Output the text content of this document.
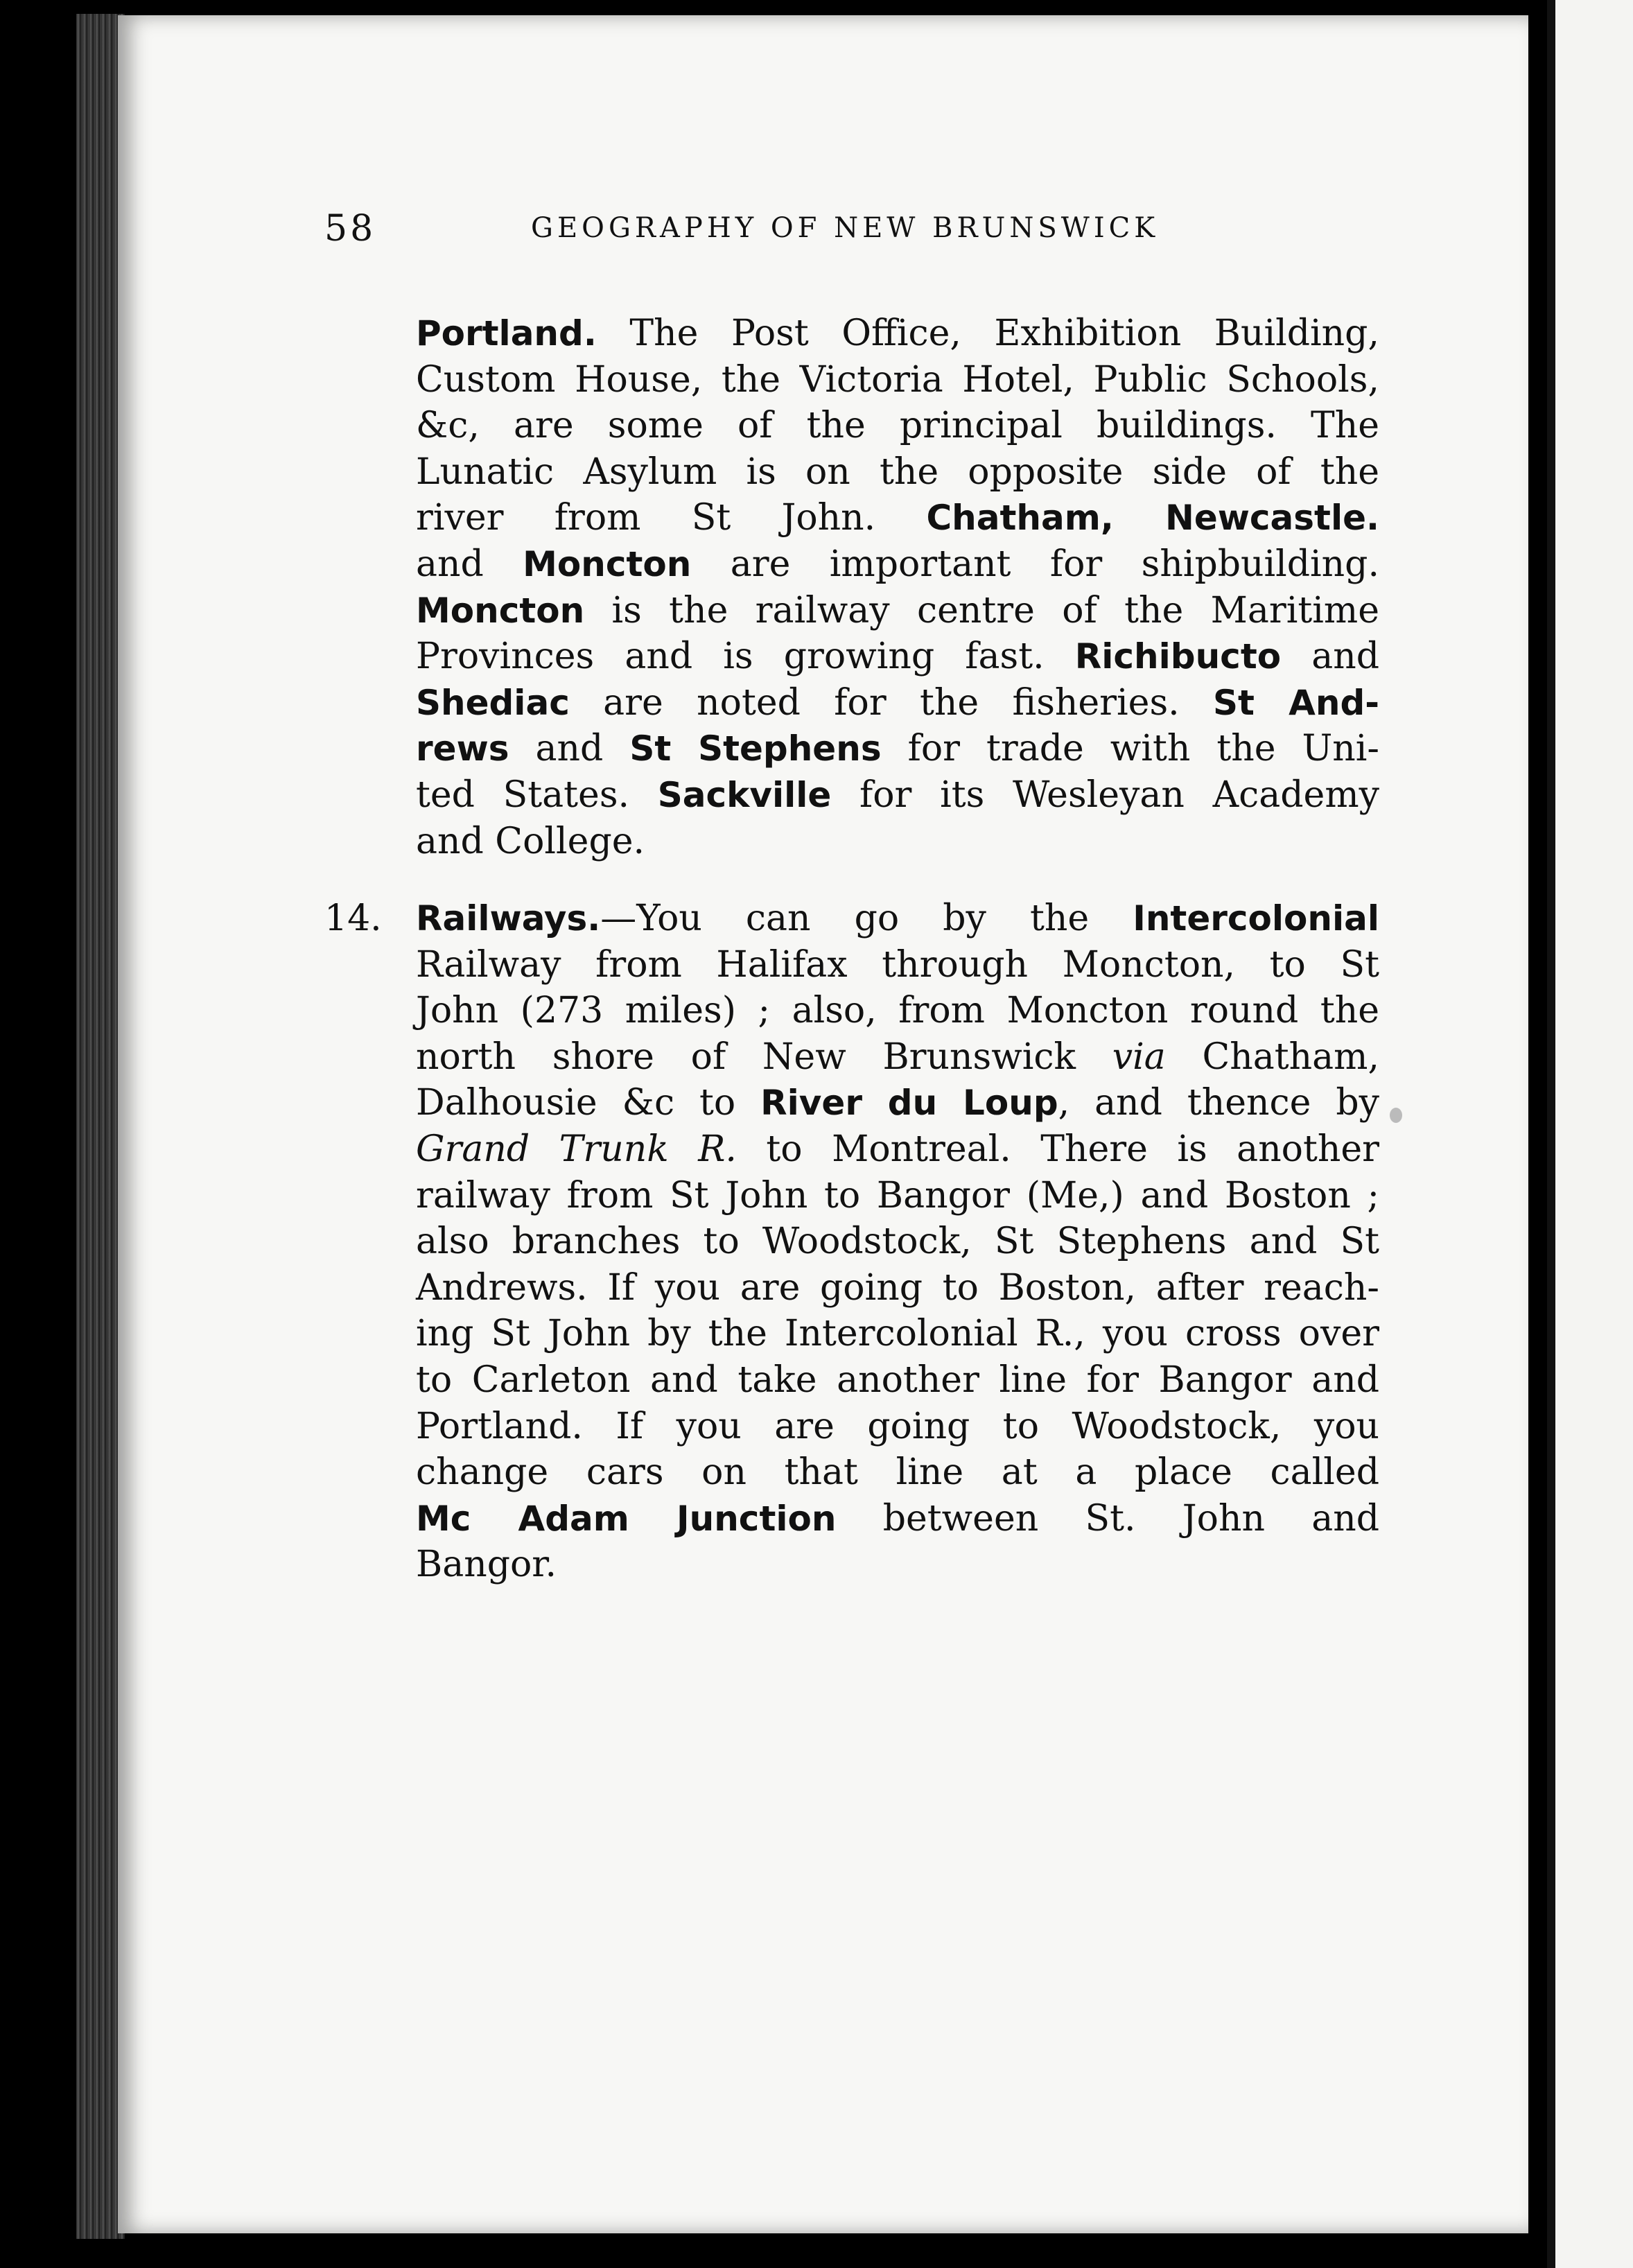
58	GEOGRAPHY OF NEW BRUNSWICK
Portland. The Post Office, Exhibition Building,
Custom House, the Victoria Hotel, Public Schools,
&c, are some of the principal buildings. The
Lunatic Asylum is on the opposite side of the
river from St John. Chatham, Newcastle.
and Moncton are important for shipbuilding.
Moncton is the railway centre of the Maritime
Provinces and is growing fast. Richibucto and
Shediac are noted for the fisheries. St And-
rews and St Stephens for trade with the Uni-
ted States. Sackville for its Wesleyan Academy
and College.
14. Railways.—You can go by the Intercolonial
Railway from Halifax through Moncton, to St
John (273 miles) ; also, from Moncton round the
north shore of New Brunswick via Chatham,
Dalhousie &c to River du Loup, and thence by
Grand Trunk R. to Montreal. There is another
railway from St John to Bangor (Me,) and Boston ;
also branches to Woodstock, St Stephens and St
Andrews. If you are going to Boston, after reach-
ing St John by the Intercolonial R., you cross over
to Carleton and take another line for Bangor and
Portland. If you are going to Woodstock, you
change cars on that line at a place called
Mc Adam Junction between St. John and
Bangor.
